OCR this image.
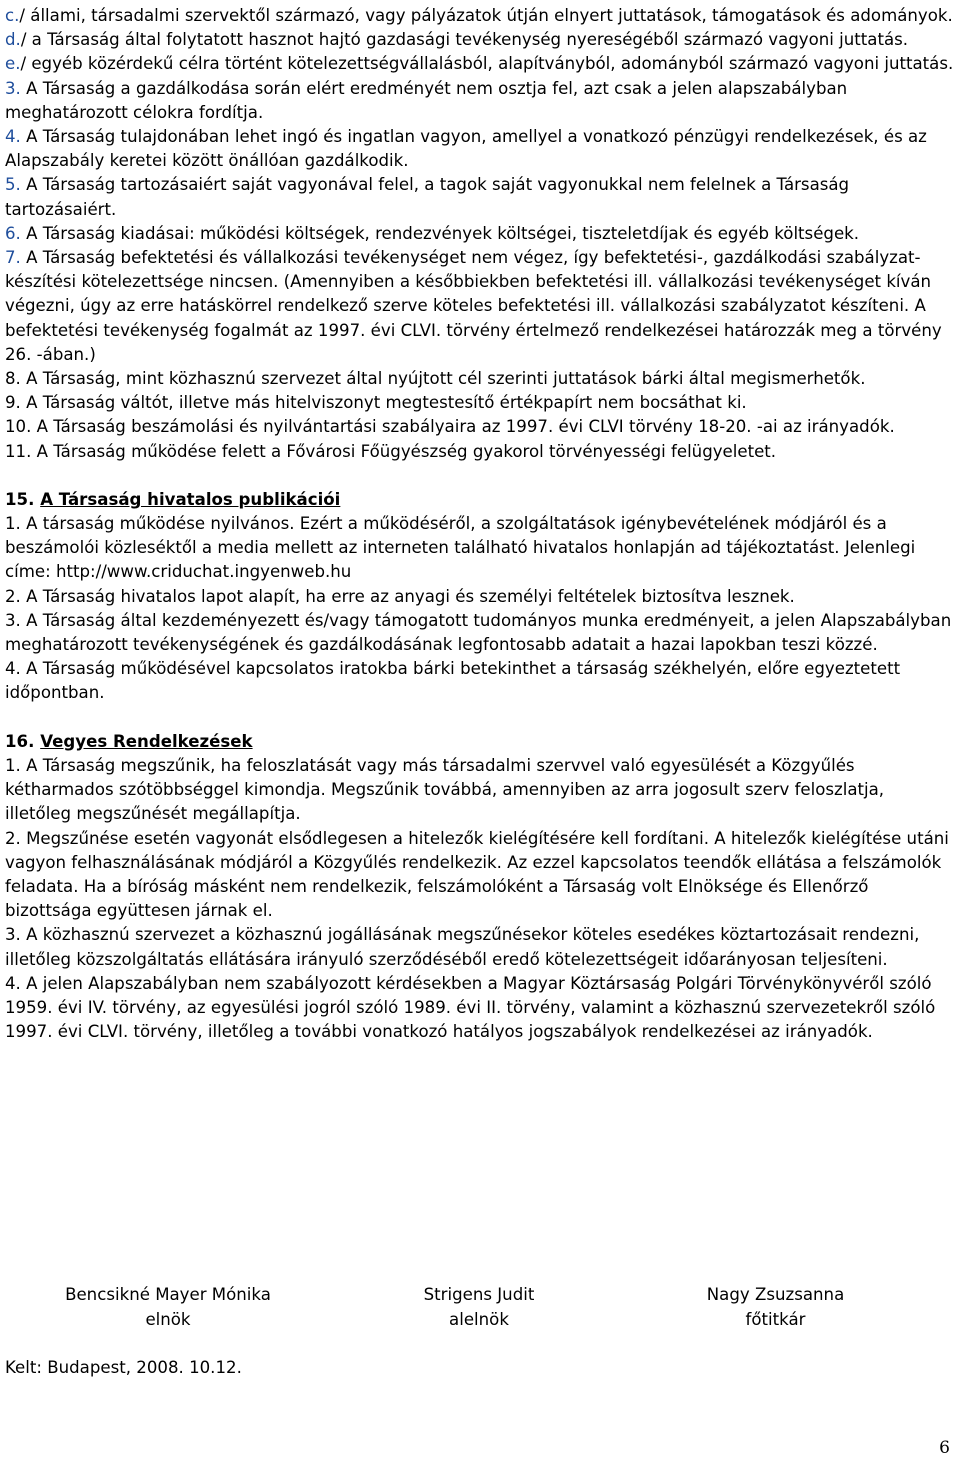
c./ állami, társadalmi szervektől származó, vagy pályázatok útján elnyert juttatások, támogatások és adományok.

d./ a Társaság által folytatott hasznot hajtó gazdasági tevékenység nyereségéből származó vagyoni juttatás.

e./ egyéb közérdekű célra történt kötelezettségvállalásból, alapítványból, adományból származó vagyoni juttatás.

3. A Társaság a gazdálkodása során elért eredményét nem osztja fel, azt csak a jelen alapszabályban meghatározott célokra fordítja.

4. A Társaság tulajdonában lehet ingó és ingatlan vagyon, amellyel a vonatkozó pénzügyi rendelkezések, és az Alapszabály keretei között önállóan gazdálkodik.

5. A Társaság tartozásaiért saját vagyonával felel, a tagok saját vagyonukkal nem felelnek a Társaság tartozásaiért.

6. A Társaság kiadásai: működési költségek, rendezvények költségei, tiszteletdíjak és egyéb költségek.

7. A Társaság befektetési és vállalkozási tevékenységet nem végez, így befektetési-, gazdálkodási szabályzat-készítési kötelezettsége nincsen. (Amennyiben a későbbiekben befektetési ill. vállalkozási tevékenységet kíván végezni, úgy az erre hatáskörrel rendelkező szerve köteles befektetési ill. vállalkozási szabályzatot készíteni. A befektetési tevékenység fogalmát az 1997. évi CLVI. törvény értelmező rendelkezései határozzák meg a törvény 26. -ában.)

8. A Társaság, mint közhasznú szervezet által nyújtott cél szerinti juttatások bárki által megismerhetők.

9. A Társaság váltót, illetve más hitelviszonyt megtestesítő értékpapírt nem bocsáthat ki.

10. A Társaság beszámolási és nyilvántartási szabályaira az 1997. évi CLVI törvény 18-20. -ai az irányadók.

11. A Társaság működése felett a Fővárosi Főügyészség gyakorol törvényességi felügyeletet.

15. A Társaság hivatalos publikációi

1. A társaság működése nyilvános. Ezért a működéséről, a szolgáltatások igénybevételének módjáról és a beszámolói közleséktől a media mellett az interneten található hivatalos honlapján ad tájékoztatást. Jelenlegi címe: http://www.criduchat.ingyenweb.hu

2. A Társaság hivatalos lapot alapít, ha erre az anyagi és személyi feltételek biztosítva lesznek.

3. A Társaság által kezdeményezett és/vagy támogatott tudományos munka eredményeit, a jelen Alapszabályban meghatározott tevékenységének és gazdálkodásának legfontosabb adatait a hazai lapokban teszi közzé.

4. A Társaság működésével kapcsolatos iratokba bárki betekinthet a társaság székhelyén, előre egyeztetett időpontban.

16. Vegyes Rendelkezések

1. A Társaság megszűnik, ha feloszlatását vagy más társadalmi szervvel való egyesülését a Közgyűlés kétharmados szótöbbséggel kimondja. Megszűnik továbbá, amennyiben az arra jogosult szerv feloszlatja, illetőleg megszűnését megállapítja.

2. Megszűnése esetén vagyonát elsődlegesen a hitelezők kielégítésére kell fordítani. A hitelezők kielégítése utáni vagyon felhasználásának módjáról a Közgyűlés rendelkezik. Az ezzel kapcsolatos teendők ellátása a felszámolók feladata. Ha a bíróság másként nem rendelkezik, felszámolóként a Társaság volt Elnöksége és Ellenőrző bizottsága együttesen járnak el.

3. A közhasznú szervezet a közhasznú jogállásának megszűnésekor köteles esedékes köztartozásait rendezni, illetőleg közszolgáltatás ellátására irányuló szerződéséből eredő kötelezettségeit időarányosan teljesíteni.

4. A jelen Alapszabályban nem szabályozott kérdésekben a Magyar Köztársaság Polgári Törvénykönyvéről szóló 1959. évi IV. törvény, az egyesülési jogról szóló 1989. évi II. törvény, valamint a közhasznú szervezetekről szóló 1997. évi CLVI. törvény, illetőleg a további vonatkozó hatályos jogszabályok rendelkezései az irányadók.

Bencsikné Mayer Mónika
elnök
Strigens Judit
alelnök
Nagy Zsuzsanna
főtitkár
Kelt: Budapest, 2008. 10.12.
6
